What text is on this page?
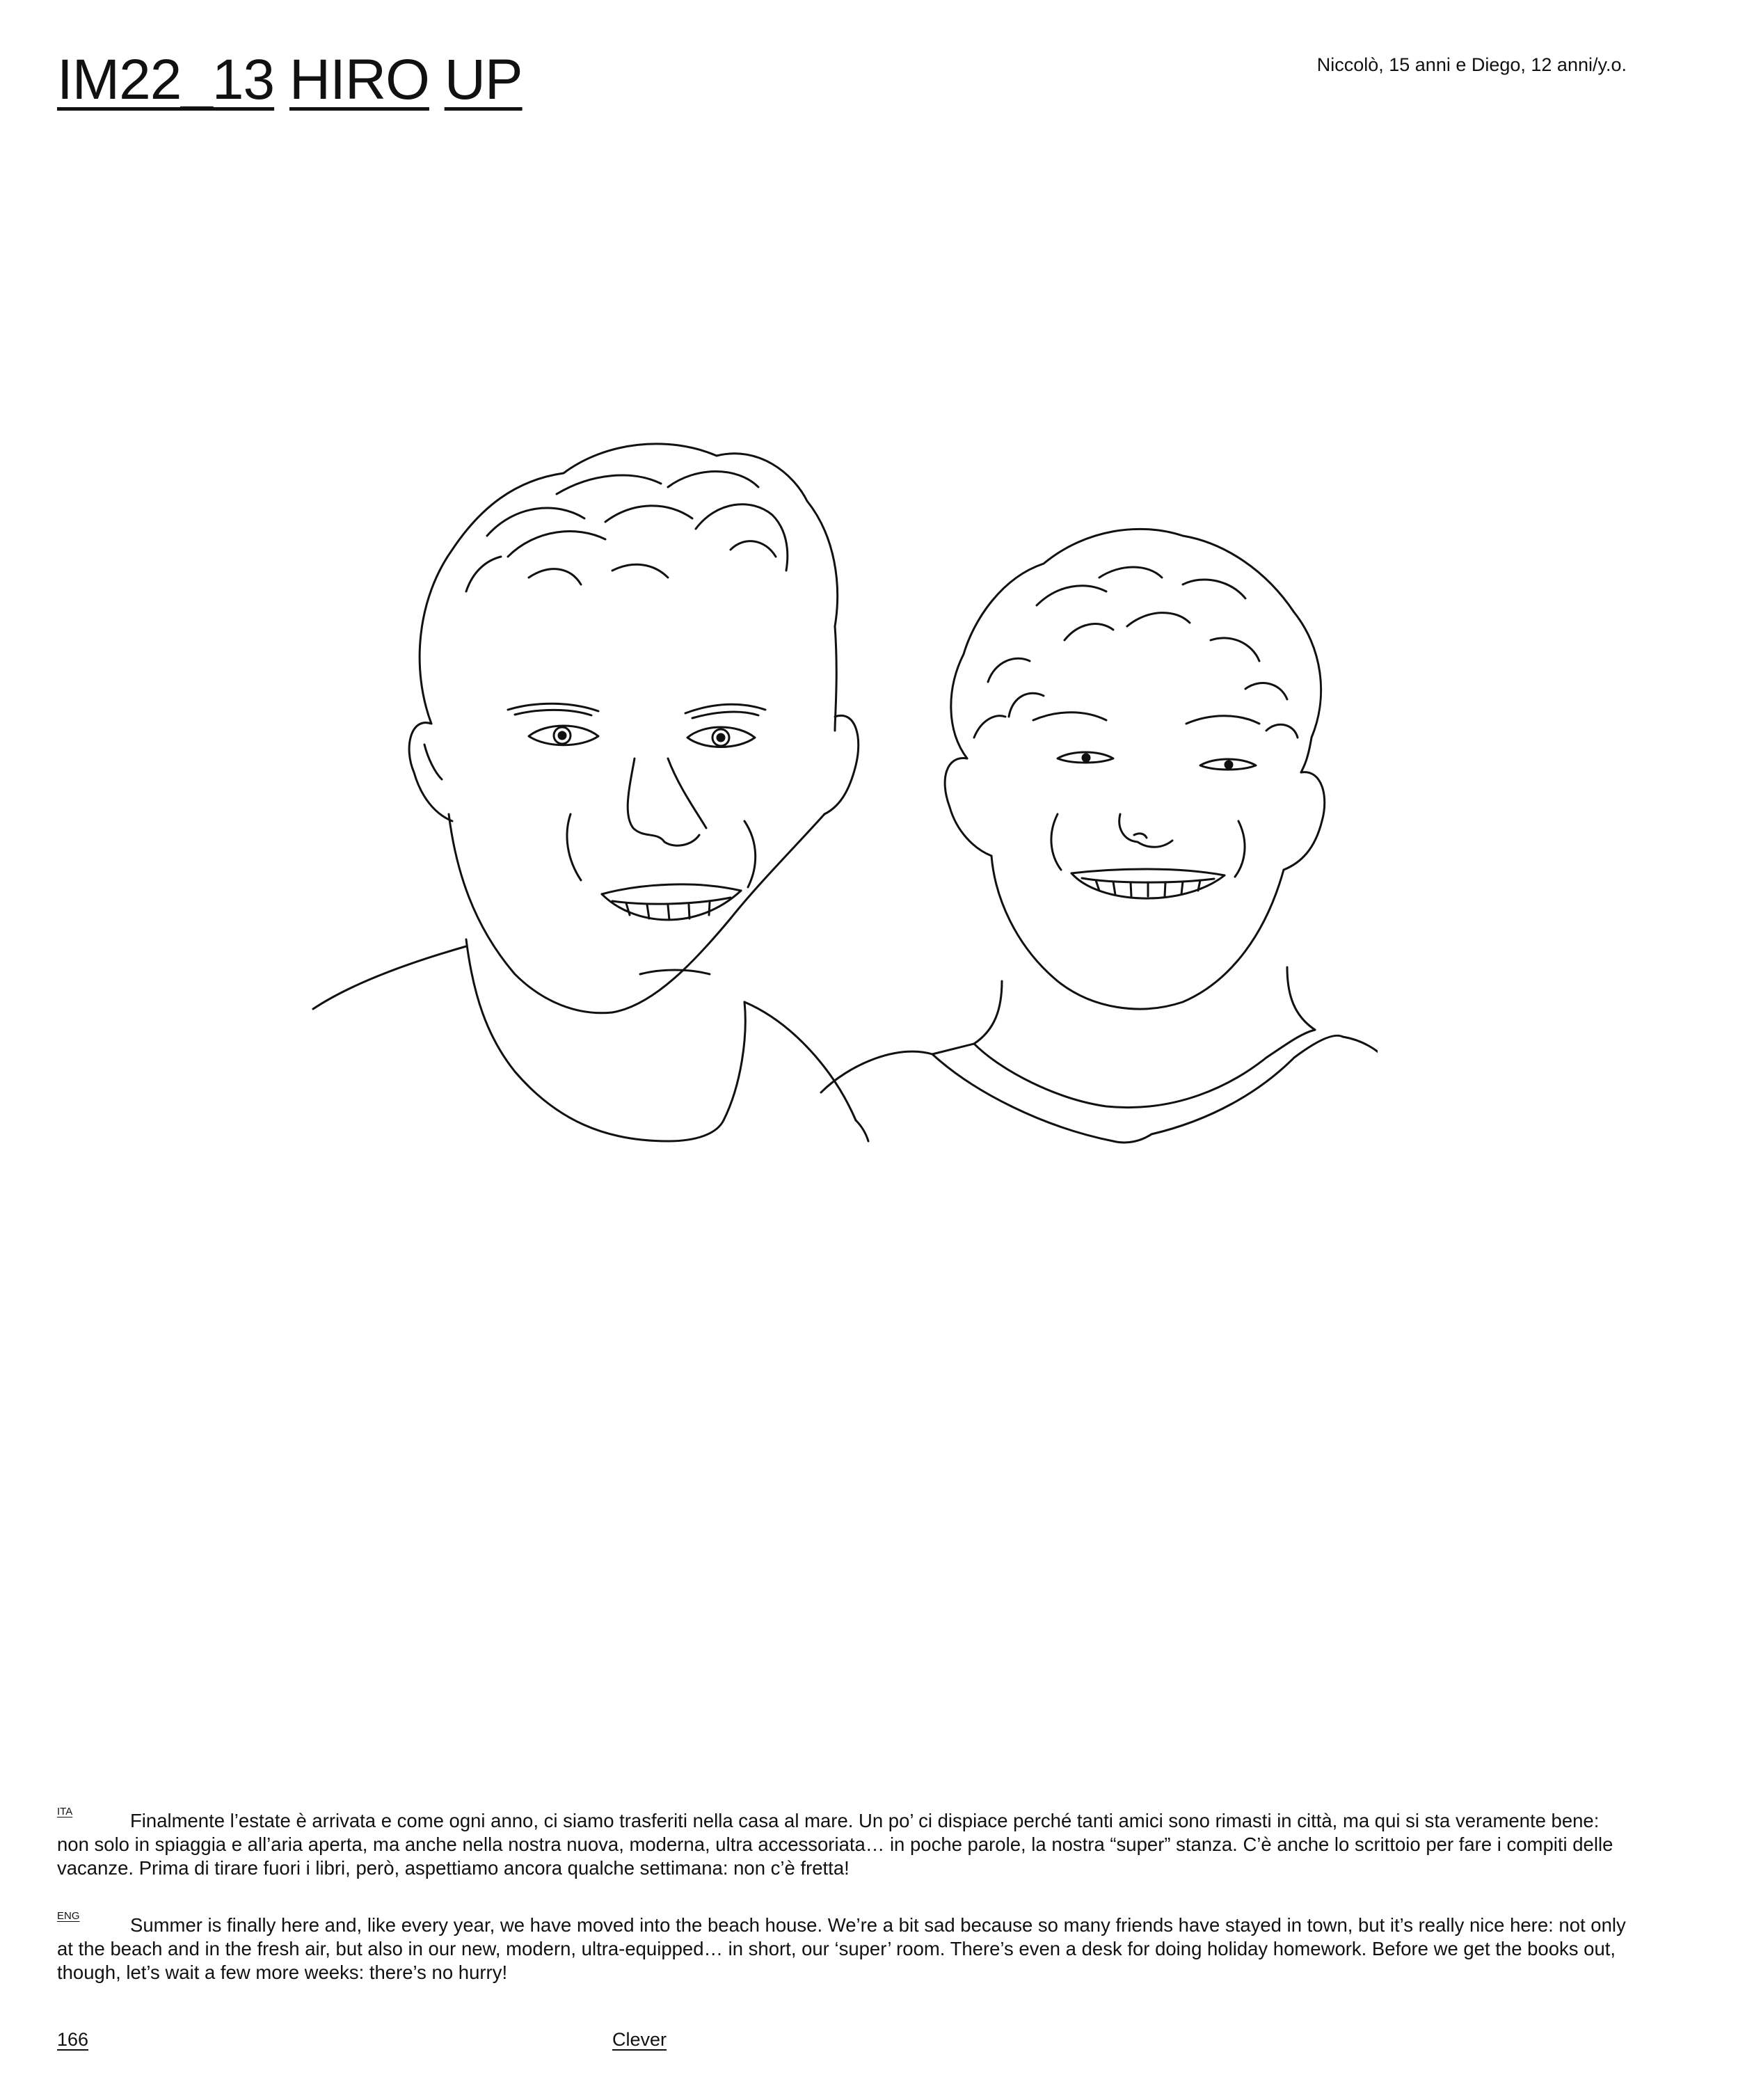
IM22_13 HIRO UP	Niccolò, 15 anni e Diego, 12 anni/y.o.
ITA	Finalmente l’estate è arrivata e come ogni anno, ci siamo trasferiti nella casa al mare. Un po’ ci dispiace perché tanti amici sono rimasti in città, ma qui si sta veramente bene: non solo in spiaggia e all’aria aperta, ma anche nella nostra nuova, moderna, ultra accessoriata… in poche parole, la nostra “super” stanza. C’è anche lo scrittoio per fare i compiti delle vacanze. Prima di tirare fuori i libri, però, aspettiamo ancora qualche settimana: non c’è fretta!

ENG	Summer is finally here and, like every year, we have moved into the beach house. We’re a bit sad because so many friends have stayed in town, but it’s really nice here: not only at the beach and in the fresh air, but also in our new, modern, ultra-equipped… in short, our ‘super’ room. There’s even a desk for doing holiday homework. Before we get the books out, though, let’s wait a few more weeks: there’s no hurry!

166	Clever
